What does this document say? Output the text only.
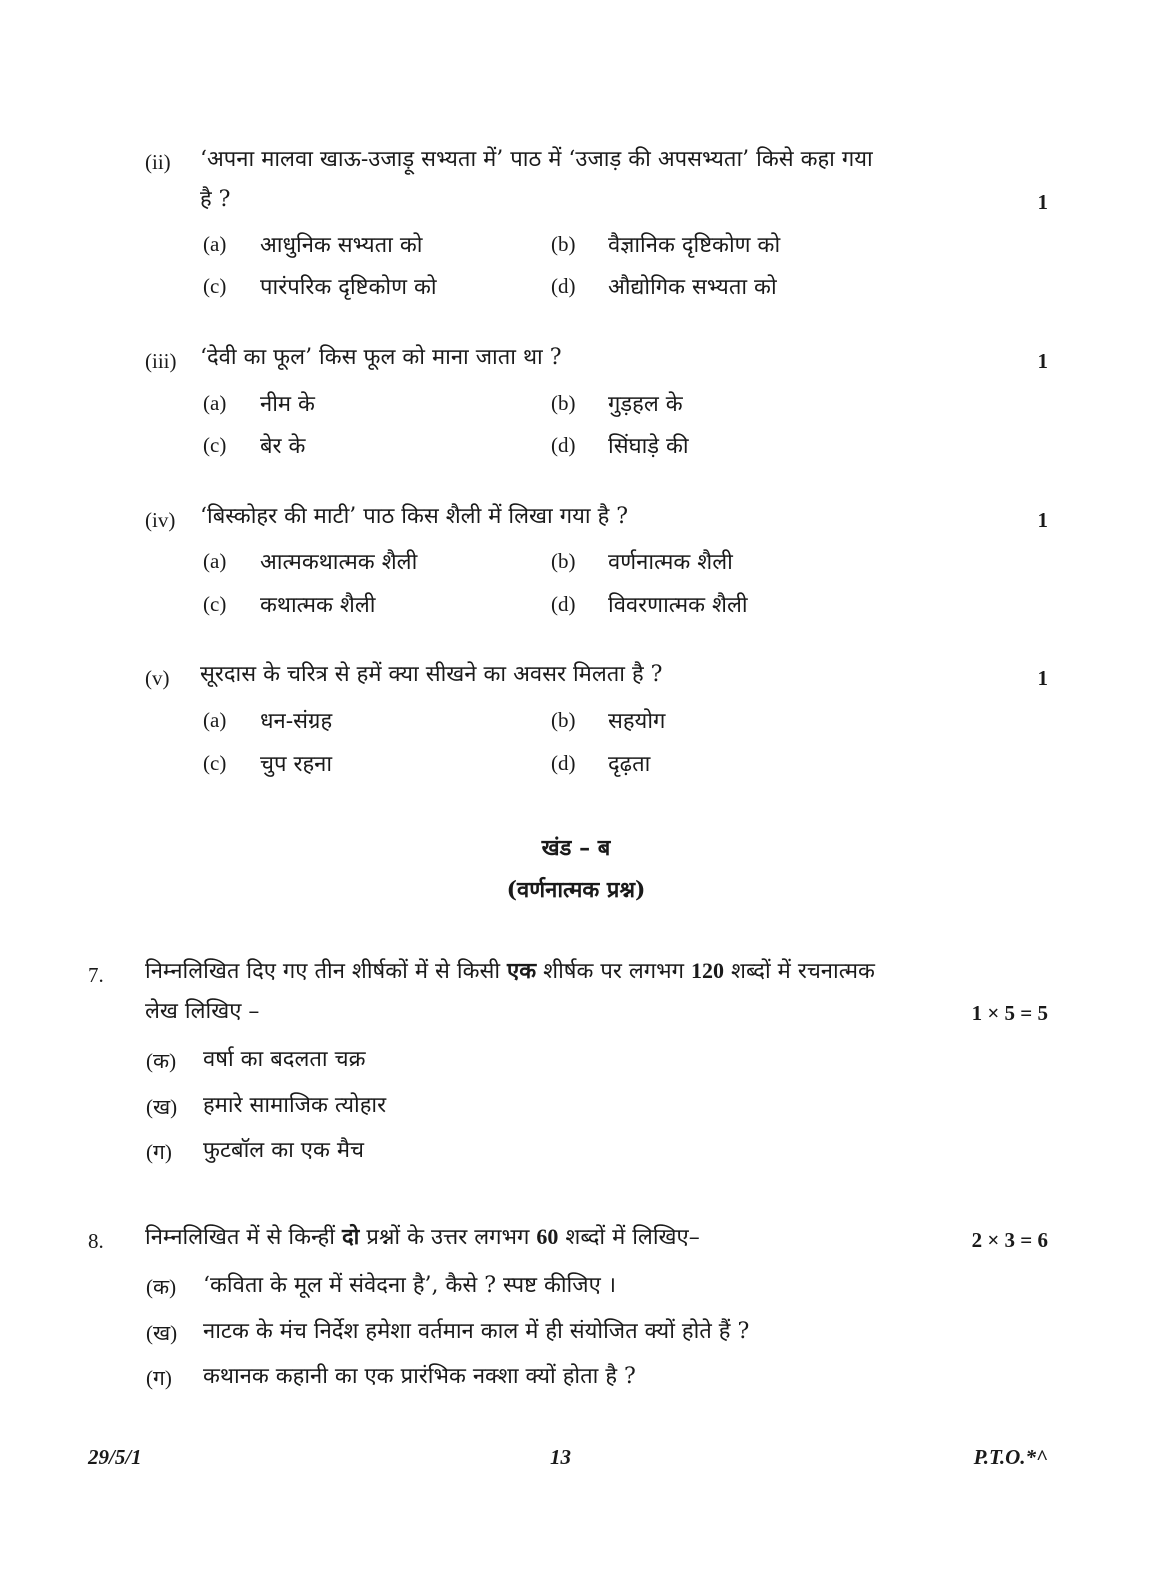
(ii) ‘अपना मालवा खाऊ-उजाड़ू सभ्यता में’ पाठ में ‘उजाड़ की अपसभ्यता’ किसे कहा गया
है ?	1
(a) आधुनिक सभ्यता को	(b) वैज्ञानिक दृष्टिकोण को
(c) पारंपरिक दृष्टिकोण को	(d) औद्योगिक सभ्यता को
(iii) ‘देवी का फूल’ किस फूल को माना जाता था ?	1
(a) नीम के	(b) गुड़हल के
(c) बेर के	(d) सिंघाड़े की
(iv) ‘बिस्कोहर की माटी’ पाठ किस शैली में लिखा गया है ?	1
(a) आत्मकथात्मक शैली	(b) वर्णनात्मक शैली
(c) कथात्मक शैली	(d) विवरणात्मक शैली
(v) सूरदास के चरित्र से हमें क्या सीखने का अवसर मिलता है ?	1
(a) धन-संग्रह	(b) सहयोग
(c) चुप रहना	(d) दृढ़ता
खंड – ब
(वर्णनात्मक प्रश्न)
7. निम्नलिखित दिए गए तीन शीर्षकों में से किसी एक शीर्षक पर लगभग 120 शब्दों में रचनात्मक
लेख लिखिए –	1 × 5 = 5
(क) वर्षा का बदलता चक्र
(ख) हमारे सामाजिक त्योहार
(ग) फुटबॉल का एक मैच
8. निम्नलिखित में से किन्हीं दो प्रश्नों के उत्तर लगभग 60 शब्दों में लिखिए–	2 × 3 = 6
(क) ‘कविता के मूल में संवेदना है’, कैसे ? स्पष्ट कीजिए ।
(ख) नाटक के मंच निर्देश हमेशा वर्तमान काल में ही संयोजित क्यों होते हैं ?
(ग) कथानक कहानी का एक प्रारंभिक नक्शा क्यों होता है ?
29/5/1	13	P.T.O.*^
